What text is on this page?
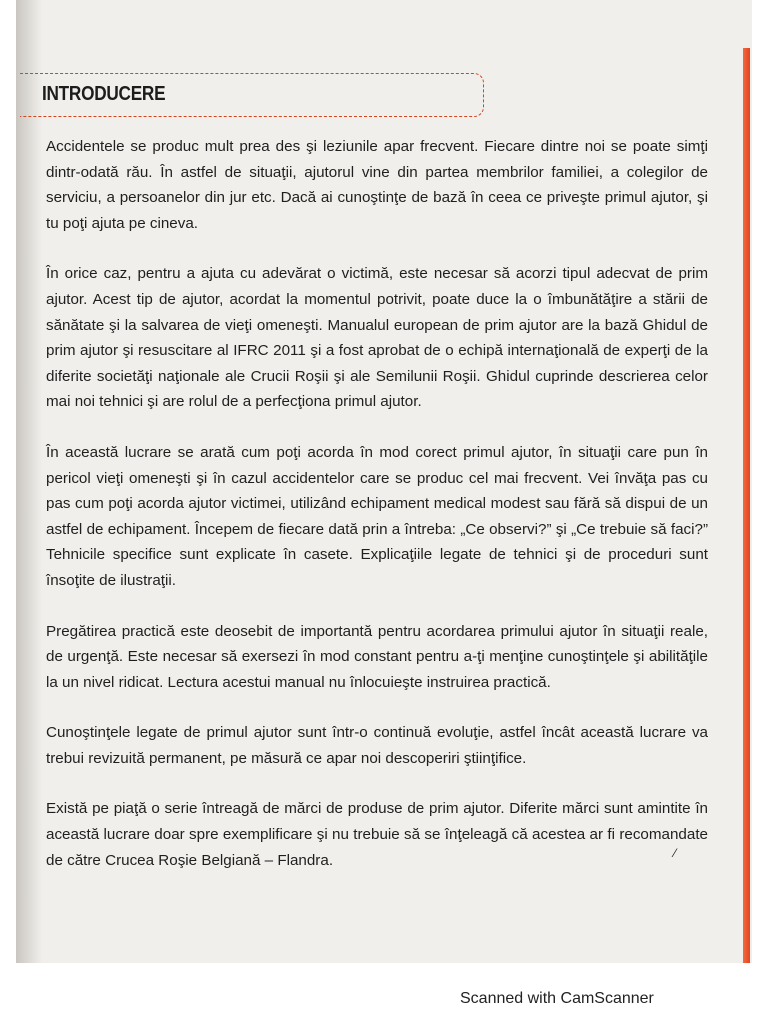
INTRODUCERE

Accidentele se produc mult prea des şi leziunile apar frecvent. Fiecare dintre noi se poate simţi dintr-odată rău. În astfel de situaţii, ajutorul vine din partea membrilor familiei, a colegilor de serviciu, a persoanelor din jur etc. Dacă ai cunoştinţe de bază în ceea ce priveşte primul ajutor, şi tu poţi ajuta pe cineva.

În orice caz, pentru a ajuta cu adevărat o victimă, este necesar să acorzi tipul adecvat de prim ajutor. Acest tip de ajutor, acordat la momentul potrivit, poate duce la o îmbunătăţire a stării de sănătate şi la salvarea de vieţi omeneşti. Manualul european de prim ajutor are la bază Ghidul de prim ajutor şi resuscitare al IFRC 2011 şi a fost aprobat de o echipă internaţională de experţi de la diferite societăţi naţionale ale Crucii Roşii şi ale Semilunii Roşii. Ghidul cuprinde descrierea celor mai noi tehnici şi are rolul de a perfecţiona primul ajutor.

În această lucrare se arată cum poţi acorda în mod corect primul ajutor, în situaţii care pun în pericol vieţi omeneşti şi în cazul accidentelor care se produc cel mai frecvent. Vei învăţa pas cu pas cum poţi acorda ajutor victimei, utilizând echipament medical modest sau fără să dispui de un astfel de echipament. Începem de fiecare dată prin a întreba: „Ce observi?” şi „Ce trebuie să faci?” Tehnicile specifice sunt explicate în casete. Explicaţiile legate de tehnici şi de proceduri sunt însoţite de ilustraţii.

Pregătirea practică este deosebit de importantă pentru acordarea primului ajutor în situaţii reale, de urgenţă. Este necesar să exersezi în mod constant pentru a-ţi menţine cunoştinţele şi abilităţile la un nivel ridicat. Lectura acestui manual nu înlocuieşte instruirea practică.

Cunoştinţele legate de primul ajutor sunt într-o continuă evoluţie, astfel încât această lucrare va trebui revizuită permanent, pe măsură ce apar noi descoperiri ştiinţifice.

Există pe piaţă o serie întreagă de mărci de produse de prim ajutor. Diferite mărci sunt amintite în această lucrare doar spre exemplificare şi nu trebuie să se înţeleagă că acestea ar fi recomandate de către Crucea Roşie Belgiană – Flandra.	⁄
Scanned with CamScanner
